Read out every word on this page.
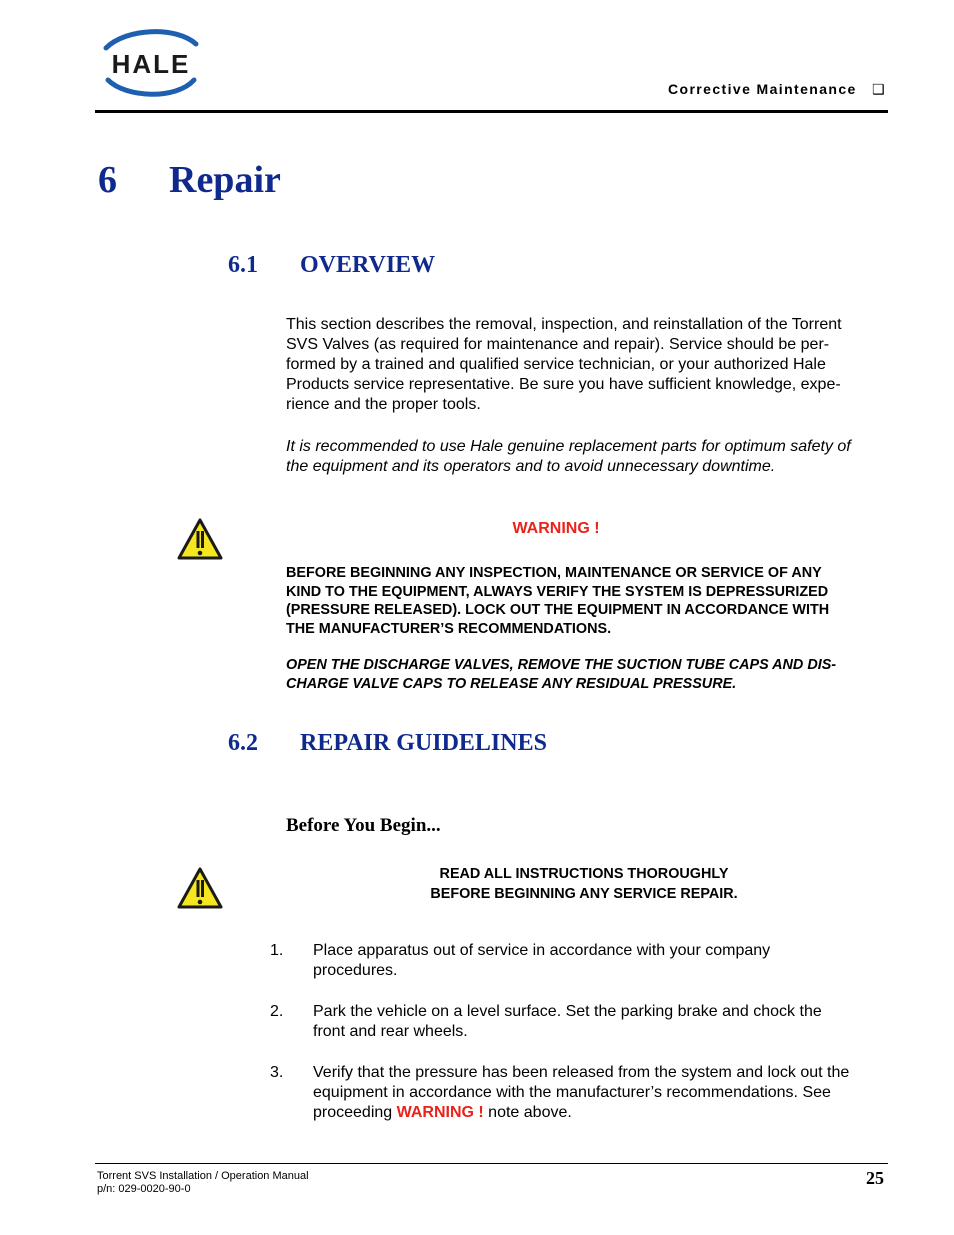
HALE
Corrective Maintenance ❑
6 Repair
6.1 OVERVIEW
This section describes the removal, inspection, and reinstallation of the Torrent
SVS Valves (as required for maintenance and repair). Service should be per-
formed by a trained and qualified service technician, or your authorized Hale
Products service representative. Be sure you have sufficient knowledge, expe-
rience and the proper tools.
It is recommended to use Hale genuine replacement parts for optimum safety of
the equipment and its operators and to avoid unnecessary downtime.
WARNING !
BEFORE BEGINNING ANY INSPECTION, MAINTENANCE OR SERVICE OF ANY
KIND TO THE EQUIPMENT, ALWAYS VERIFY THE SYSTEM IS DEPRESSURIZED
(PRESSURE RELEASED). LOCK OUT THE EQUIPMENT IN ACCORDANCE WITH
THE MANUFACTURER’S RECOMMENDATIONS.
OPEN THE DISCHARGE VALVES, REMOVE THE SUCTION TUBE CAPS AND DIS-
CHARGE VALVE CAPS TO RELEASE ANY RESIDUAL PRESSURE.
6.2 REPAIR GUIDELINES
Before You Begin...
READ ALL INSTRUCTIONS THOROUGHLY
BEFORE BEGINNING ANY SERVICE REPAIR.
1. Place apparatus out of service in accordance with your company
procedures.
2. Park the vehicle on a level surface. Set the parking brake and chock the
front and rear wheels.
3. Verify that the pressure has been released from the system and lock out the
equipment in accordance with the manufacturer’s recommendations. See
proceeding WARNING ! note above.
Torrent SVS Installation / Operation Manual
p/n: 029-0020-90-0
25
